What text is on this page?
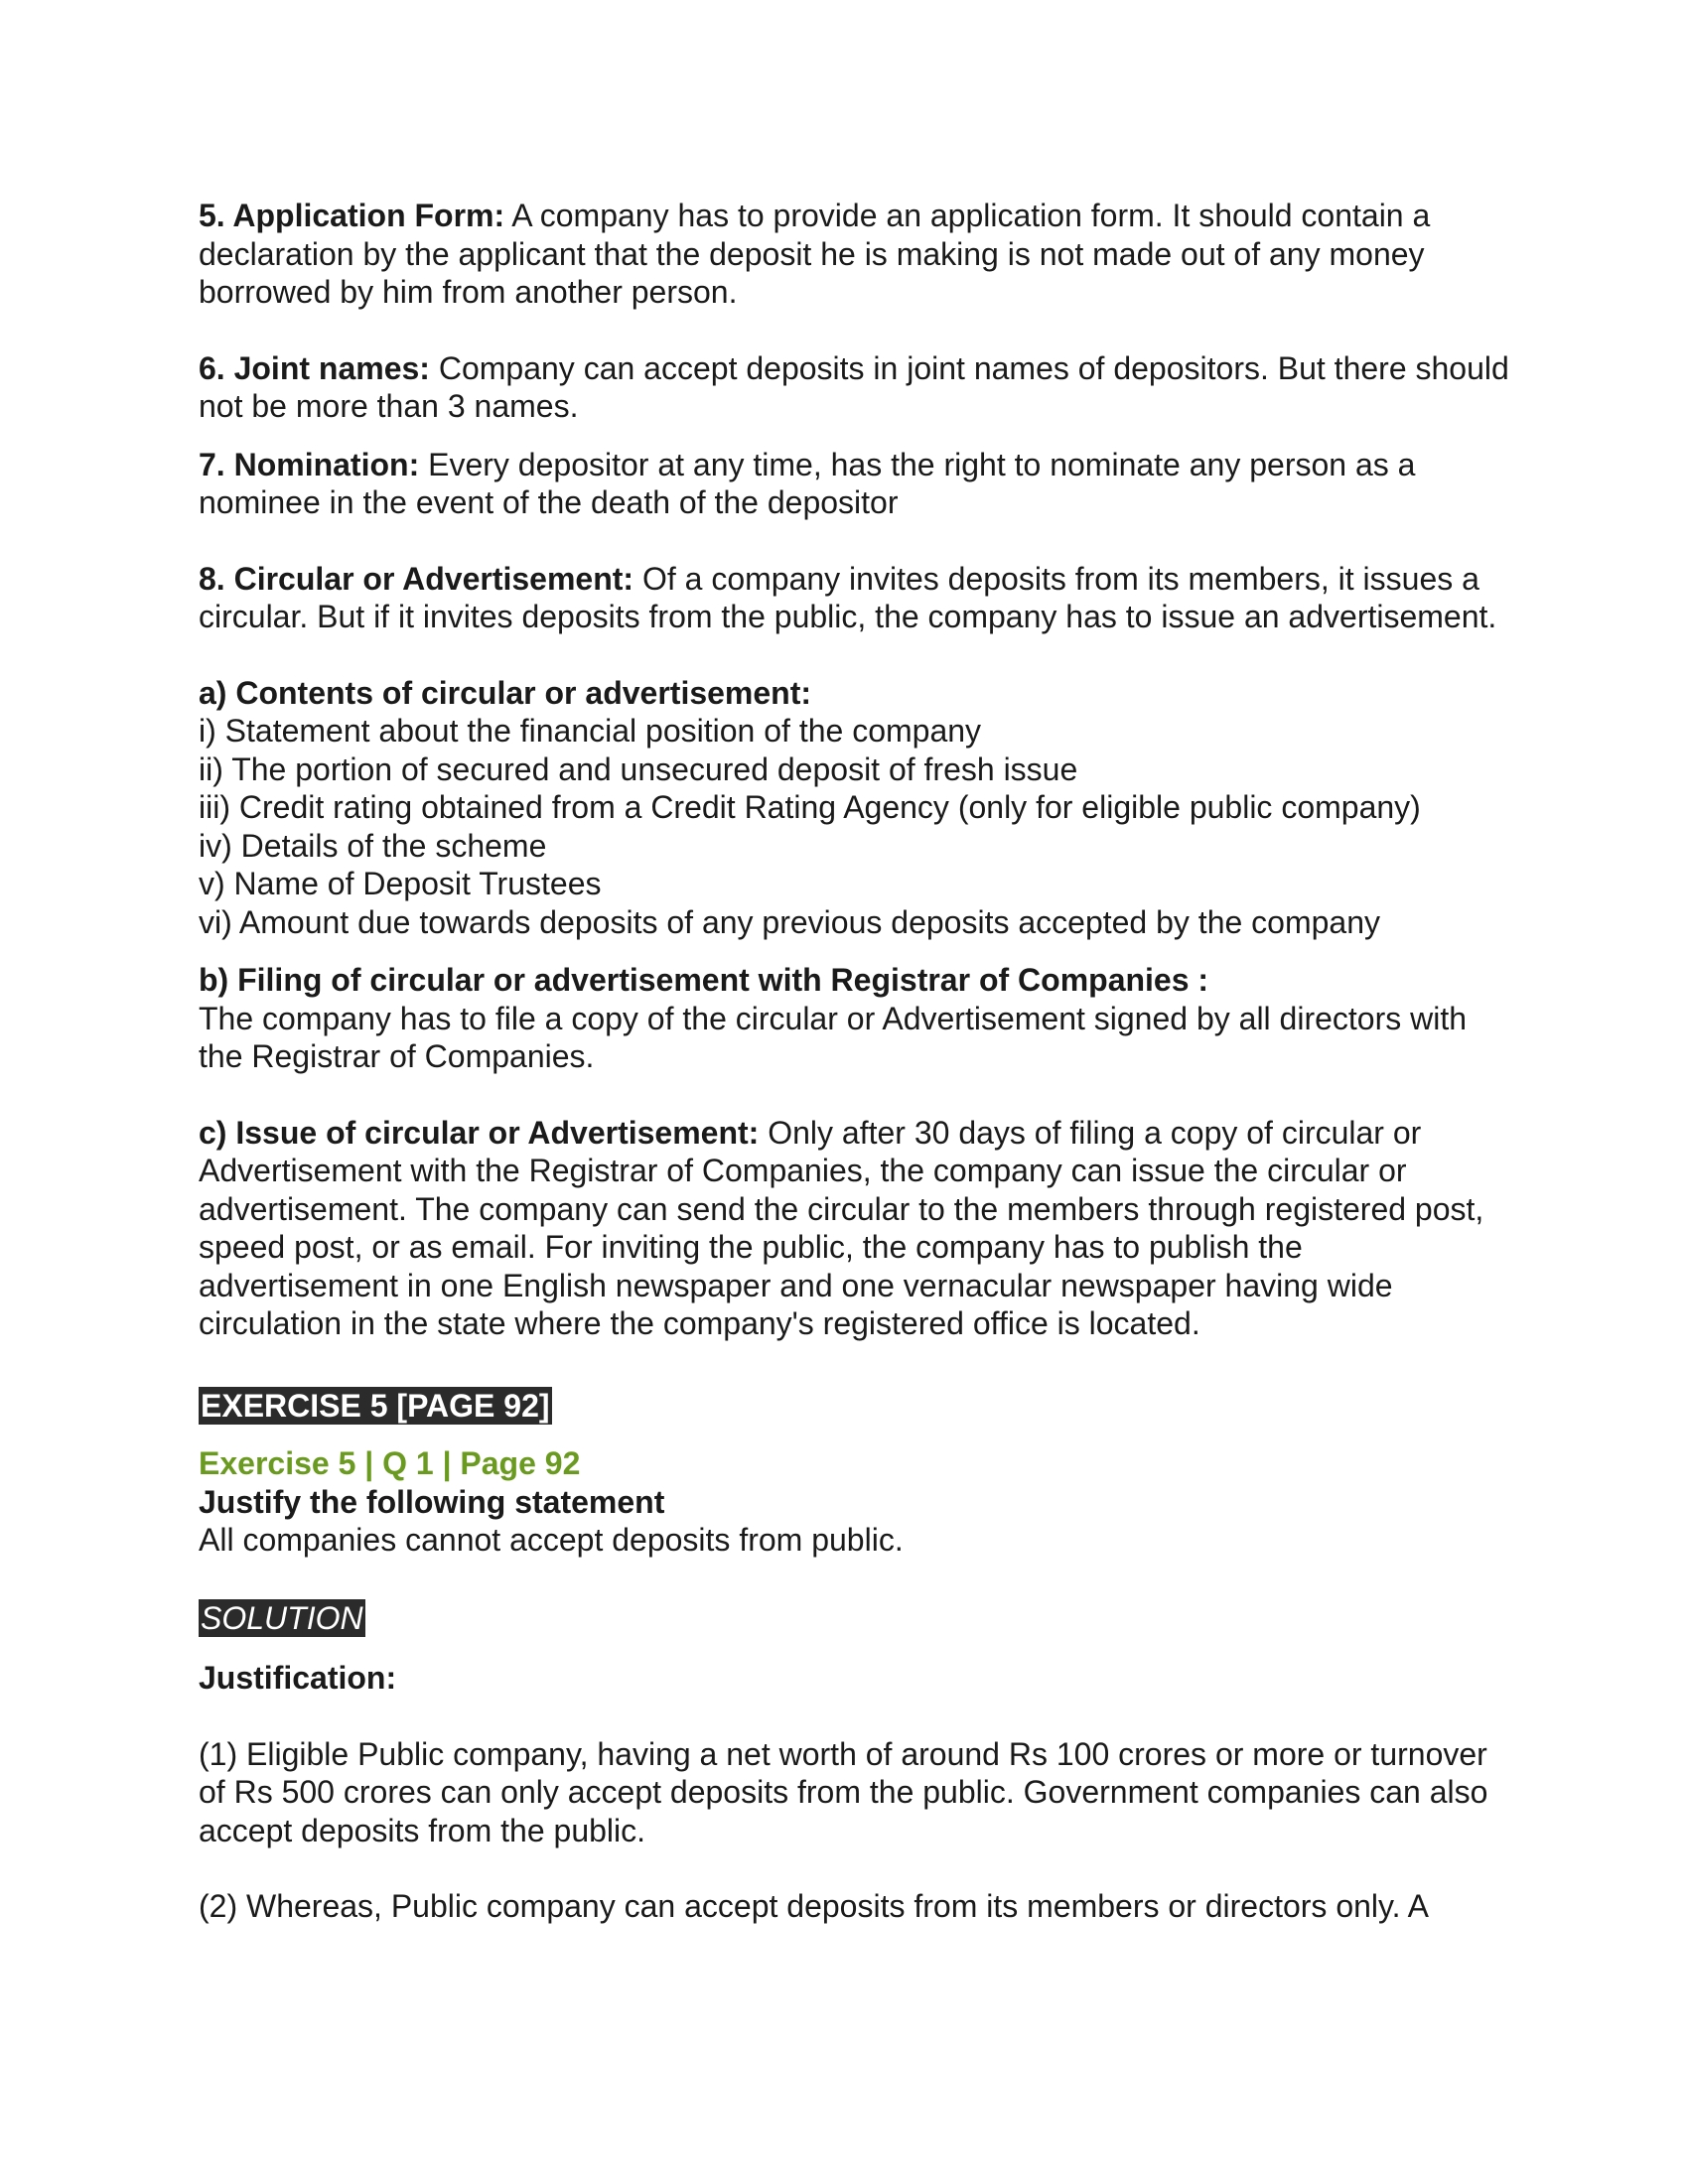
5. Application Form: A company has to provide an application form. It should contain a declaration by the applicant that the deposit he is making is not made out of any money borrowed by him from another person.

6. Joint names: Company can accept deposits in joint names of depositors. But there should not be more than 3 names.

7. Nomination: Every depositor at any time, has the right to nominate any person as a nominee in the event of the death of the depositor

8. Circular or Advertisement: Of a company invites deposits from its members, it issues a circular. But if it invites deposits from the public, the company has to issue an advertisement.

a) Contents of circular or advertisement:
i) Statement about the financial position of the company
ii) The portion of secured and unsecured deposit of fresh issue
iii) Credit rating obtained from a Credit Rating Agency (only for eligible public company)
iv) Details of the scheme
v) Name of Deposit Trustees
vi) Amount due towards deposits of any previous deposits accepted by the company
b) Filing of circular or advertisement with Registrar of Companies :
The company has to file a copy of the circular or Advertisement signed by all directors with the Registrar of Companies.

c) Issue of circular or Advertisement: Only after 30 days of filing a copy of circular or Advertisement with the Registrar of Companies, the company can issue the circular or advertisement. The company can send the circular to the members through registered post, speed post, or as email. For inviting the public, the company has to publish the advertisement in one English newspaper and one vernacular newspaper having wide circulation in the state where the company's registered office is located.

EXERCISE 5 [PAGE 92]
Exercise 5 | Q 1 | Page 92
Justify the following statement
All companies cannot accept deposits from public.
SOLUTION
Justification:

(1) Eligible Public company, having a net worth of around Rs 100 crores or more or turnover of Rs 500 crores can only accept deposits from the public. Government companies can also accept deposits from the public.

(2) Whereas, Public company can accept deposits from its members or directors only. A
